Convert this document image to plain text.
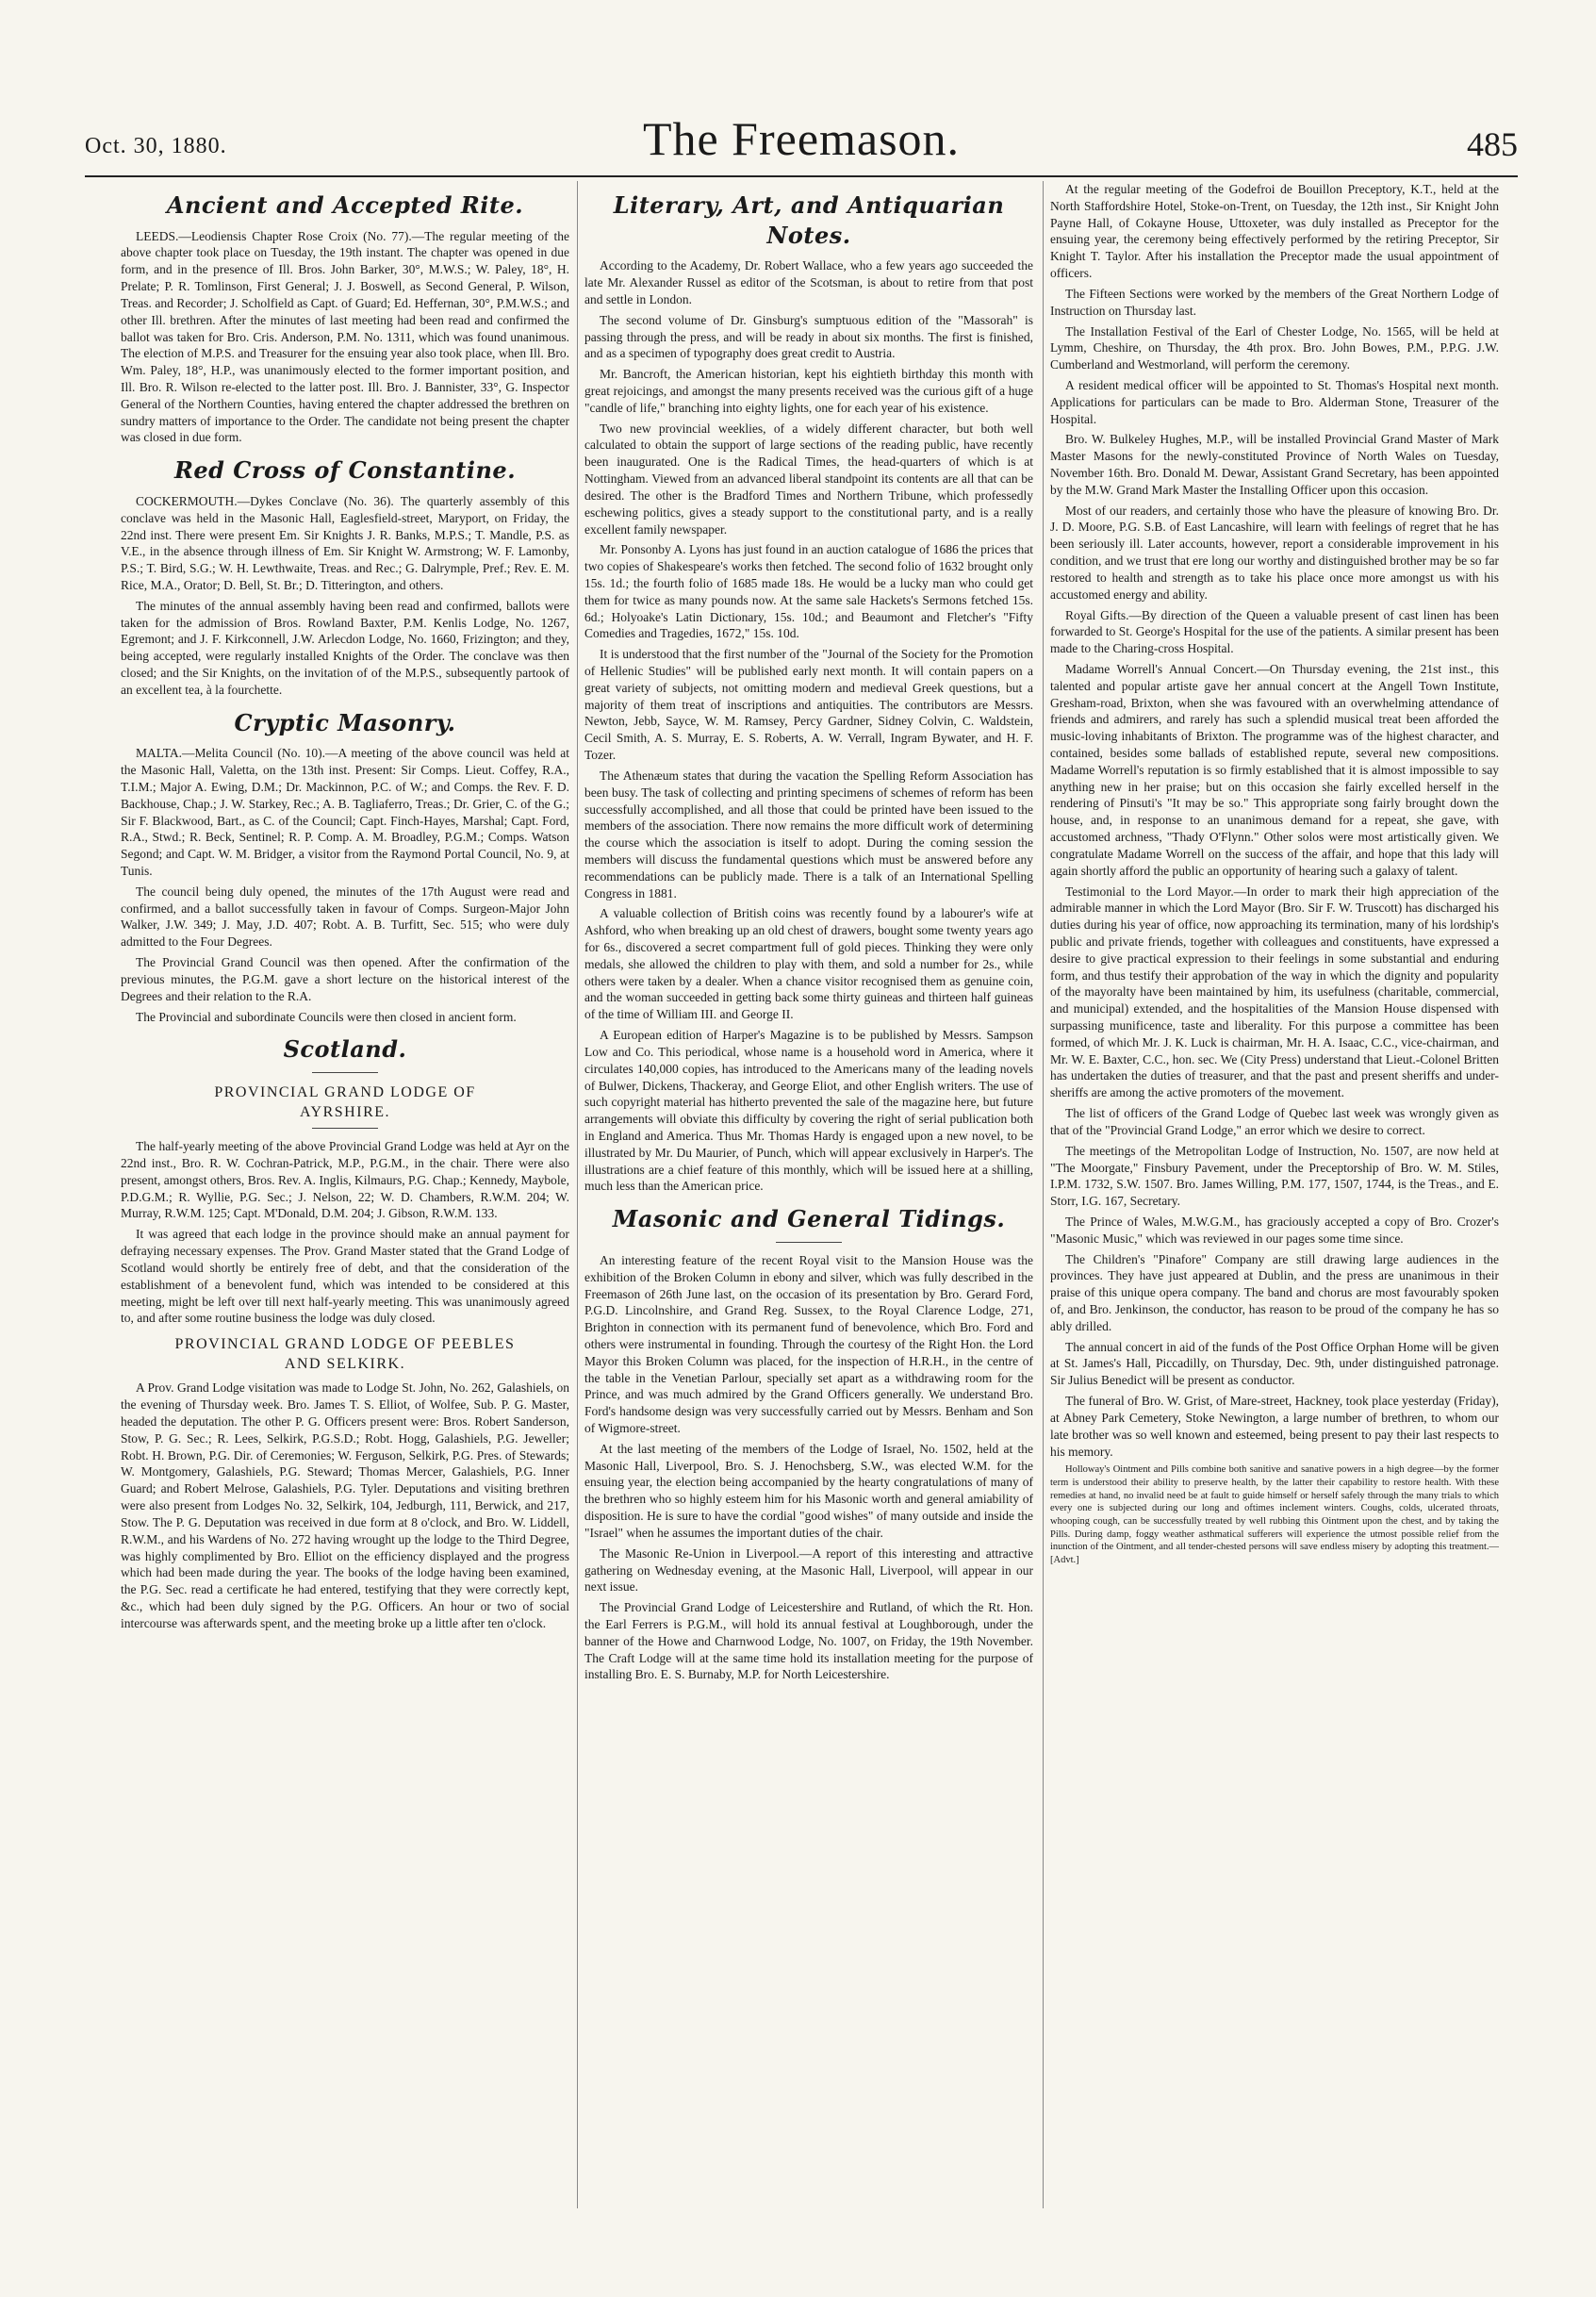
Oct. 30, 1880.	The Freemason.	485
Ancient and Accepted Rite.

LEEDS.—Leodiensis Chapter Rose Croix (No. 77).—The regular meeting of the above chapter took place on Tuesday, the 19th instant. The chapter was opened in due form, and in the presence of Ill. Bros. John Barker, 30°, M.W.S.; W. Paley, 18°, H. Prelate; P. R. Tomlinson, First General; J. J. Boswell, as Second General, P. Wilson, Treas. and Recorder; J. Scholfield as Capt. of Guard; Ed. Heffernan, 30°, P.M.W.S.; and other Ill. brethren. After the minutes of last meeting had been read and confirmed the ballot was taken for Bro. Cris. Anderson, P.M. No. 1311, which was found unanimous. The election of M.P.S. and Treasurer for the ensuing year also took place, when Ill. Bro. Wm. Paley, 18°, H.P., was unanimously elected to the former important position, and Ill. Bro. R. Wilson re-elected to the latter post. Ill. Bro. J. Bannister, 33°, G. Inspector General of the Northern Counties, having entered the chapter addressed the brethren on sundry matters of importance to the Order. The candidate not being present the chapter was closed in due form.

Red Cross of Constantine.

COCKERMOUTH.—Dykes Conclave (No. 36). The quarterly assembly of this conclave was held in the Masonic Hall, Eaglesfield-street, Maryport, on Friday, the 22nd inst. There were present Em. Sir Knights J. R. Banks, M.P.S.; T. Mandle, P.S. as V.E., in the absence through illness of Em. Sir Knight W. Armstrong; W. F. Lamonby, P.S.; T. Bird, S.G.; W. H. Lewthwaite, Treas. and Rec.; G. Dalrymple, Pref.; Rev. E. M. Rice, M.A., Orator; D. Bell, St. Br.; D. Titterington, and others.

The minutes of the annual assembly having been read and confirmed, ballots were taken for the admission of Bros. Rowland Baxter, P.M. Kenlis Lodge, No. 1267, Egremont; and J. F. Kirkconnell, J.W. Arlecdon Lodge, No. 1660, Frizington; and they, being accepted, were regularly installed Knights of the Order. The conclave was then closed; and the Sir Knights, on the invitation of of the M.P.S., subsequently partook of an excellent tea, à la fourchette.

Cryptic Masonry.

MALTA.—Melita Council (No. 10).—A meeting of the above council was held at the Masonic Hall, Valetta, on the 13th inst. Present: Sir Comps. Lieut. Coffey, R.A., T.I.M.; Major A. Ewing, D.M.; Dr. Mackinnon, P.C. of W.; and Comps. the Rev. F. D. Backhouse, Chap.; J. W. Starkey, Rec.; A. B. Tagliaferro, Treas.; Dr. Grier, C. of the G.; Sir F. Blackwood, Bart., as C. of the Council; Capt. Finch-Hayes, Marshal; Capt. Ford, R.A., Stwd.; R. Beck, Sentinel; R. P. Comp. A. M. Broadley, P.G.M.; Comps. Watson Segond; and Capt. W. M. Bridger, a visitor from the Raymond Portal Council, No. 9, at Tunis.

The council being duly opened, the minutes of the 17th August were read and confirmed, and a ballot successfully taken in favour of Comps. Surgeon-Major John Walker, J.W. 349; J. May, J.D. 407; Robt. A. B. Turfitt, Sec. 515; who were duly admitted to the Four Degrees.

The Provincial Grand Council was then opened. After the confirmation of the previous minutes, the P.G.M. gave a short lecture on the historical interest of the Degrees and their relation to the R.A.

The Provincial and subordinate Councils were then closed in ancient form.

Scotland.
PROVINCIAL GRAND LODGE OF
AYRSHIRE.

The half-yearly meeting of the above Provincial Grand Lodge was held at Ayr on the 22nd inst., Bro. R. W. Cochran-Patrick, M.P., P.G.M., in the chair. There were also present, amongst others, Bros. Rev. A. Inglis, Kilmaurs, P.G. Chap.; Kennedy, Maybole, P.D.G.M.; R. Wyllie, P.G. Sec.; J. Nelson, 22; W. D. Chambers, R.W.M. 204; W. Murray, R.W.M. 125; Capt. M'Donald, D.M. 204; J. Gibson, R.W.M. 133.

It was agreed that each lodge in the province should make an annual payment for defraying necessary expenses. The Prov. Grand Master stated that the Grand Lodge of Scotland would shortly be entirely free of debt, and that the consideration of the establishment of a benevolent fund, which was intended to be considered at this meeting, might be left over till next half-yearly meeting. This was unanimously agreed to, and after some routine business the lodge was duly closed.

PROVINCIAL GRAND LODGE OF PEEBLES
AND SELKIRK.

A Prov. Grand Lodge visitation was made to Lodge St. John, No. 262, Galashiels, on the evening of Thursday week. Bro. James T. S. Elliot, of Wolfee, Sub. P. G. Master, headed the deputation. The other P. G. Officers present were: Bros. Robert Sanderson, Stow, P. G. Sec.; R. Lees, Selkirk, P.G.S.D.; Robt. Hogg, Galashiels, P.G. Jeweller; Robt. H. Brown, P.G. Dir. of Ceremonies; W. Ferguson, Selkirk, P.G. Pres. of Stewards; W. Montgomery, Galashiels, P.G. Steward; Thomas Mercer, Galashiels, P.G. Inner Guard; and Robert Melrose, Galashiels, P.G. Tyler. Deputations and visiting brethren were also present from Lodges No. 32, Selkirk, 104, Jedburgh, 111, Berwick, and 217, Stow. The P. G. Deputation was received in due form at 8 o'clock, and Bro. W. Liddell, R.W.M., and his Wardens of No. 272 having wrought up the lodge to the Third Degree, was highly complimented by Bro. Elliot on the efficiency displayed and the progress which had been made during the year. The books of the lodge having been examined, the P.G. Sec. read a certificate he had entered, testifying that they were correctly kept, &c., which had been duly signed by the P.G. Officers. An hour or two of social intercourse was afterwards spent, and the meeting broke up a little after ten o'clock.

Literary, Art, and Antiquarian Notes.

According to the Academy, Dr. Robert Wallace, who a few years ago succeeded the late Mr. Alexander Russel as editor of the Scotsman, is about to retire from that post and settle in London.

The second volume of Dr. Ginsburg's sumptuous edition of the "Massorah" is passing through the press, and will be ready in about six months. The first is finished, and as a specimen of typography does great credit to Austria.

Mr. Bancroft, the American historian, kept his eightieth birthday this month with great rejoicings, and amongst the many presents received was the curious gift of a huge "candle of life," branching into eighty lights, one for each year of his existence.

Two new provincial weeklies, of a widely different character, but both well calculated to obtain the support of large sections of the reading public, have recently been inaugurated. One is the Radical Times, the head-quarters of which is at Nottingham. Viewed from an advanced liberal standpoint its contents are all that can be desired. The other is the Bradford Times and Northern Tribune, which professedly eschewing politics, gives a steady support to the constitutional party, and is a really excellent family newspaper.

Mr. Ponsonby A. Lyons has just found in an auction catalogue of 1686 the prices that two copies of Shakespeare's works then fetched. The second folio of 1632 brought only 15s. 1d.; the fourth folio of 1685 made 18s. He would be a lucky man who could get them for twice as many pounds now. At the same sale Hackets's Sermons fetched 15s. 6d.; Holyoake's Latin Dictionary, 15s. 10d.; and Beaumont and Fletcher's "Fifty Comedies and Tragedies, 1672," 15s. 10d.

It is understood that the first number of the "Journal of the Society for the Promotion of Hellenic Studies" will be published early next month. It will contain papers on a great variety of subjects, not omitting modern and medieval Greek questions, but a majority of them treat of inscriptions and antiquities. The contributors are Messrs. Newton, Jebb, Sayce, W. M. Ramsey, Percy Gardner, Sidney Colvin, C. Waldstein, Cecil Smith, A. S. Murray, E. S. Roberts, A. W. Verrall, Ingram Bywater, and H. F. Tozer.

The Athenæum states that during the vacation the Spelling Reform Association has been busy. The task of collecting and printing specimens of schemes of reform has been successfully accomplished, and all those that could be printed have been issued to the members of the association. There now remains the more difficult work of determining the course which the association is itself to adopt. During the coming session the members will discuss the fundamental questions which must be answered before any recommendations can be publicly made. There is a talk of an International Spelling Congress in 1881.

A valuable collection of British coins was recently found by a labourer's wife at Ashford, who when breaking up an old chest of drawers, bought some twenty years ago for 6s., discovered a secret compartment full of gold pieces. Thinking they were only medals, she allowed the children to play with them, and sold a number for 2s., while others were taken by a dealer. When a chance visitor recognised them as genuine coin, and the woman succeeded in getting back some thirty guineas and thirteen half guineas of the time of William III. and George II.

A European edition of Harper's Magazine is to be published by Messrs. Sampson Low and Co. This periodical, whose name is a household word in America, where it circulates 140,000 copies, has introduced to the Americans many of the leading novels of Bulwer, Dickens, Thackeray, and George Eliot, and other English writers. The use of such copyright material has hitherto prevented the sale of the magazine here, but future arrangements will obviate this difficulty by covering the right of serial publication both in England and America. Thus Mr. Thomas Hardy is engaged upon a new novel, to be illustrated by Mr. Du Maurier, of Punch, which will appear exclusively in Harper's. The illustrations are a chief feature of this monthly, which will be issued here at a shilling, much less than the American price.

Masonic and General Tidings.

An interesting feature of the recent Royal visit to the Mansion House was the exhibition of the Broken Column in ebony and silver, which was fully described in the Freemason of 26th June last, on the occasion of its presentation by Bro. Gerard Ford, P.G.D. Lincolnshire, and Grand Reg. Sussex, to the Royal Clarence Lodge, 271, Brighton in connection with its permanent fund of benevolence, which Bro. Ford and others were instrumental in founding. Through the courtesy of the Right Hon. the Lord Mayor this Broken Column was placed, for the inspection of H.R.H., in the centre of the table in the Venetian Parlour, specially set apart as a withdrawing room for the Prince, and was much admired by the Grand Officers generally. We understand Bro. Ford's handsome design was very successfully carried out by Messrs. Benham and Son of Wigmore-street.

At the last meeting of the members of the Lodge of Israel, No. 1502, held at the Masonic Hall, Liverpool, Bro. S. J. Henochsberg, S.W., was elected W.M. for the ensuing year, the election being accompanied by the hearty congratulations of many of the brethren who so highly esteem him for his Masonic worth and general amiability of disposition. He is sure to have the cordial "good wishes" of many outside and inside the "Israel" when he assumes the important duties of the chair.

The Masonic Re-Union in Liverpool.—A report of this interesting and attractive gathering on Wednesday evening, at the Masonic Hall, Liverpool, will appear in our next issue.

The Provincial Grand Lodge of Leicestershire and Rutland, of which the Rt. Hon. the Earl Ferrers is P.G.M., will hold its annual festival at Loughborough, under the banner of the Howe and Charnwood Lodge, No. 1007, on Friday, the 19th November. The Craft Lodge will at the same time hold its installation meeting for the purpose of installing Bro. E. S. Burnaby, M.P. for North Leicestershire.

At the regular meeting of the Godefroi de Bouillon Preceptory, K.T., held at the North Staffordshire Hotel, Stoke-on-Trent, on Tuesday, the 12th inst., Sir Knight John Payne Hall, of Cokayne House, Uttoxeter, was duly installed as Preceptor for the ensuing year, the ceremony being effectively performed by the retiring Preceptor, Sir Knight T. Taylor. After his installation the Preceptor made the usual appointment of officers.

The Fifteen Sections were worked by the members of the Great Northern Lodge of Instruction on Thursday last.

The Installation Festival of the Earl of Chester Lodge, No. 1565, will be held at Lymm, Cheshire, on Thursday, the 4th prox. Bro. John Bowes, P.M., P.P.G. J.W. Cumberland and Westmorland, will perform the ceremony.

A resident medical officer will be appointed to St. Thomas's Hospital next month. Applications for particulars can be made to Bro. Alderman Stone, Treasurer of the Hospital.

Bro. W. Bulkeley Hughes, M.P., will be installed Provincial Grand Master of Mark Master Masons for the newly-constituted Province of North Wales on Tuesday, November 16th. Bro. Donald M. Dewar, Assistant Grand Secretary, has been appointed by the M.W. Grand Mark Master the Installing Officer upon this occasion.

Most of our readers, and certainly those who have the pleasure of knowing Bro. Dr. J. D. Moore, P.G. S.B. of East Lancashire, will learn with feelings of regret that he has been seriously ill. Later accounts, however, report a considerable improvement in his condition, and we trust that ere long our worthy and distinguished brother may be so far restored to health and strength as to take his place once more amongst us with his accustomed energy and ability.

Royal Gifts.—By direction of the Queen a valuable present of cast linen has been forwarded to St. George's Hospital for the use of the patients. A similar present has been made to the Charing-cross Hospital.

Madame Worrell's Annual Concert.—On Thursday evening, the 21st inst., this talented and popular artiste gave her annual concert at the Angell Town Institute, Gresham-road, Brixton, when she was favoured with an overwhelming attendance of friends and admirers, and rarely has such a splendid musical treat been afforded the music-loving inhabitants of Brixton. The programme was of the highest character, and contained, besides some ballads of established repute, several new compositions. Madame Worrell's reputation is so firmly established that it is almost impossible to say anything new in her praise; but on this occasion she fairly excelled herself in the rendering of Pinsuti's "It may be so." This appropriate song fairly brought down the house, and, in response to an unanimous demand for a repeat, she gave, with accustomed archness, "Thady O'Flynn." Other solos were most artistically given. We congratulate Madame Worrell on the success of the affair, and hope that this lady will again shortly afford the public an opportunity of hearing such a galaxy of talent.

Testimonial to the Lord Mayor.—In order to mark their high appreciation of the admirable manner in which the Lord Mayor (Bro. Sir F. W. Truscott) has discharged his duties during his year of office, now approaching its termination, many of his lordship's public and private friends, together with colleagues and constituents, have expressed a desire to give practical expression to their feelings in some substantial and enduring form, and thus testify their approbation of the way in which the dignity and popularity of the mayoralty have been maintained by him, its usefulness (charitable, commercial, and municipal) extended, and the hospitalities of the Mansion House dispensed with surpassing munificence, taste and liberality. For this purpose a committee has been formed, of which Mr. J. K. Luck is chairman, Mr. H. A. Isaac, C.C., vice-chairman, and Mr. W. E. Baxter, C.C., hon. sec. We (City Press) understand that Lieut.-Colonel Britten has undertaken the duties of treasurer, and that the past and present sheriffs and under-sheriffs are among the active promoters of the movement.

The list of officers of the Grand Lodge of Quebec last week was wrongly given as that of the "Provincial Grand Lodge," an error which we desire to correct.

The meetings of the Metropolitan Lodge of Instruction, No. 1507, are now held at "The Moorgate," Finsbury Pavement, under the Preceptorship of Bro. W. M. Stiles, I.P.M. 1732, S.W. 1507. Bro. James Willing, P.M. 177, 1507, 1744, is the Treas., and E. Storr, I.G. 167, Secretary.

The Prince of Wales, M.W.G.M., has graciously accepted a copy of Bro. Crozer's "Masonic Music," which was reviewed in our pages some time since.

The Children's "Pinafore" Company are still drawing large audiences in the provinces. They have just appeared at Dublin, and the press are unanimous in their praise of this unique opera company. The band and chorus are most favourably spoken of, and Bro. Jenkinson, the conductor, has reason to be proud of the company he has so ably drilled.

The annual concert in aid of the funds of the Post Office Orphan Home will be given at St. James's Hall, Piccadilly, on Thursday, Dec. 9th, under distinguished patronage. Sir Julius Benedict will be present as conductor.

The funeral of Bro. W. Grist, of Mare-street, Hackney, took place yesterday (Friday), at Abney Park Cemetery, Stoke Newington, a large number of brethren, to whom our late brother was so well known and esteemed, being present to pay their last respects to his memory.

Holloway's Ointment and Pills combine both sanitive and sanative powers in a high degree—by the former term is understood their ability to preserve health, by the latter their capability to restore health. With these remedies at hand, no invalid need be at fault to guide himself or herself safely through the many trials to which every one is subjected during our long and oftimes inclement winters. Coughs, colds, ulcerated throats, whooping cough, can be successfully treated by well rubbing this Ointment upon the chest, and by taking the Pills. During damp, foggy weather asthmatical sufferers will experience the utmost possible relief from the inunction of the Ointment, and all tender-chested persons will save endless misery by adopting this treatment.—[Advt.]
